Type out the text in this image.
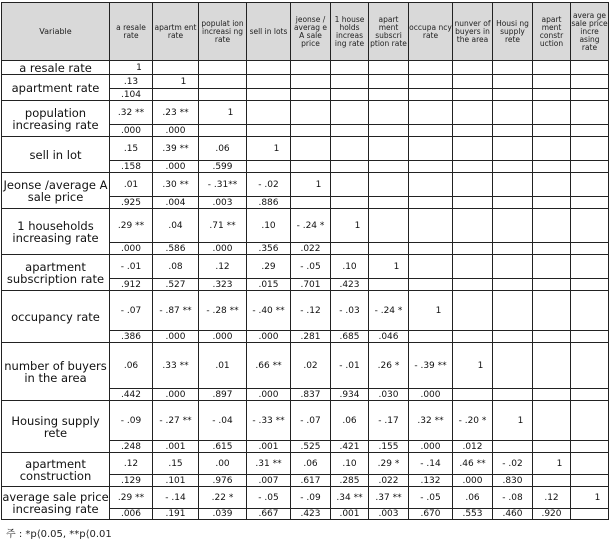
Variable	a resale rate	apartm ent rate	populat ion increasi ng rate	sell in lots	jeonse / averag e A sale price	1 house holds increas ing rate	apart ment subscri ption rate	occupa ncy rate	nunver of buyers in the area	Housi ng supply rete	apart ment constr uction	avera ge sale price incre asing rate
a resale rate	1											
apartment rate	.13	1										
	.104											
population increasing rate	.32 **	.23 **	1									
	.000	.000										
sell in lot	.15	.39 **	.06	1								
	.158	.000	.599									
Jeonse /average A sale price	.01	.30 **	- .31**	- .02	1							
	.925	.004	.003	.886								
1 households increasing rate	.29 **	.04	.71 **	.10	- .24 *	1						
	.000	.586	.000	.356	.022							
apartment subscription rate	- .01	.08	.12	.29	- .05	.10	1					
	.912	.527	.323	.015	.701	.423						
occupancy rate	- .07	- .87 **	- .28 **	- .40 **	- .12	- .03	- .24 *	1				
	.386	.000	.000	.000	.281	.685	.046					
number of buyers in the area	.06	.33 **	.01	.66 **	.02	- .01	.26 *	- .39 **	1			
	.442	.000	.897	.000	.837	.934	.030	.000				
Housing supply rete	- .09	- .27 **	- .04	- .33 **	- .07	.06	- .17	.32 **	- .20 *	1		
	.248	.001	.615	.001	.525	.421	.155	.000	.012			
apartment construction	.12	.15	.00	.31 **	.06	.10	.29 *	- .14	.46 **	- .02	1	
	.129	.101	.976	.007	.617	.285	.022	.132	.000	.830		
average sale price increasing rate	.29 **	- .14	.22 *	- .05	- .09	.34 **	.37 **	- .05	.06	- .08	.12	1
	.006	.191	.039	.667	.423	.001	.003	.670	.553	.460	.920	
주 : *p⟨0.05, **p⟨0.01
